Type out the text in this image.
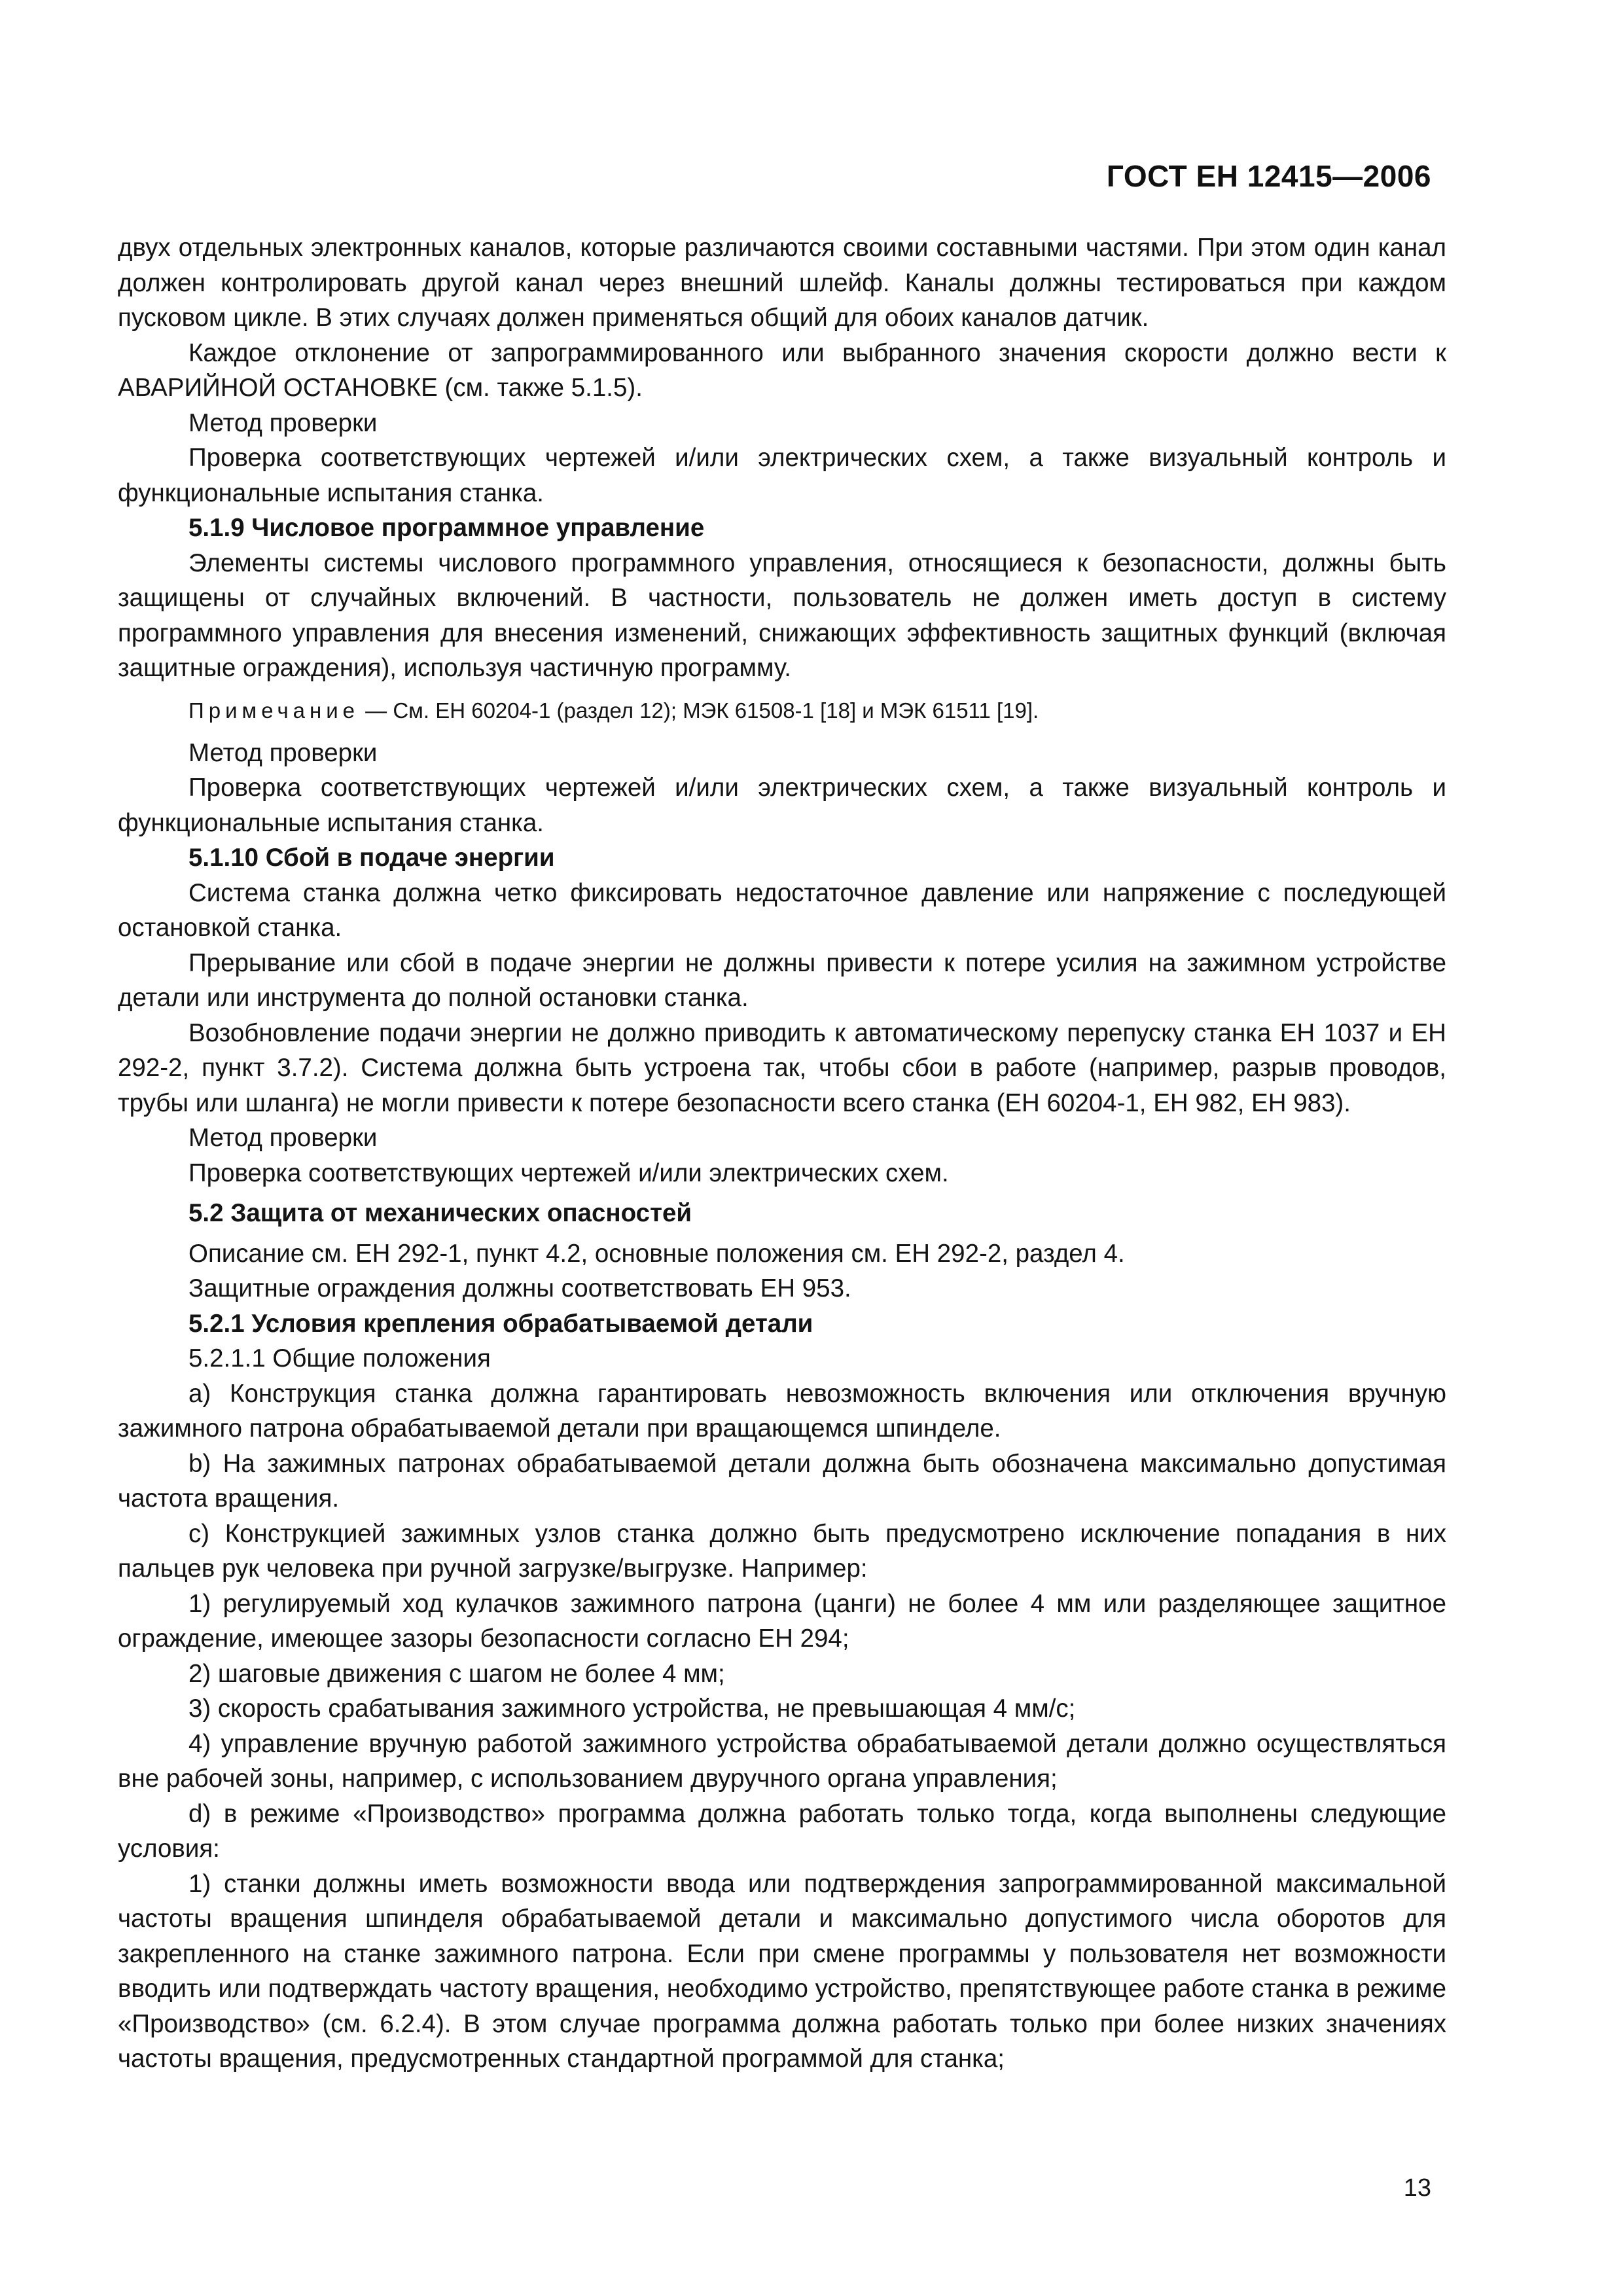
ГОСТ ЕН 12415—2006

двух отдельных электронных каналов, которые различаются своими составными частями. При этом один канал должен контролировать другой канал через внешний шлейф. Каналы должны тестироваться при каждом пусковом цикле. В этих случаях должен применяться общий для обоих каналов датчик.

Каждое отклонение от запрограммированного или выбранного значения скорости должно вести к АВАРИЙНОЙ ОСТАНОВКЕ (см. также 5.1.5).

Метод проверки

Проверка соответствующих чертежей и/или электрических схем, а также визуальный контроль и функциональные испытания станка.

5.1.9 Числовое программное управление

Элементы системы числового программного управления, относящиеся к безопасности, должны быть защищены от случайных включений. В частности, пользователь не должен иметь доступ в систему программного управления для внесения изменений, снижающих эффективность защитных функций (включая защитные ограждения), используя частичную программу.

Примечание — См. ЕН 60204-1 (раздел 12); МЭК 61508-1 [18] и МЭК 61511 [19].

Метод проверки

Проверка соответствующих чертежей и/или электрических схем, а также визуальный контроль и функциональные испытания станка.

5.1.10 Сбой в подаче энергии

Система станка должна четко фиксировать недостаточное давление или напряжение с последующей остановкой станка.

Прерывание или сбой в подаче энергии не должны привести к потере усилия на зажимном устройстве детали или инструмента до полной остановки станка.

Возобновление подачи энергии не должно приводить к автоматическому перепуску станка ЕН 1037 и ЕН 292-2, пункт 3.7.2). Система должна быть устроена так, чтобы сбои в работе (например, разрыв проводов, трубы или шланга) не могли привести к потере безопасности всего станка (ЕН 60204-1, ЕН 982, ЕН 983).

Метод проверки

Проверка соответствующих чертежей и/или электрических схем.

5.2 Защита от механических опасностей

Описание см. ЕН 292-1, пункт 4.2, основные положения см. ЕН 292-2, раздел 4.

Защитные ограждения должны соответствовать ЕН 953.

5.2.1 Условия крепления обрабатываемой детали

5.2.1.1 Общие положения

a) Конструкция станка должна гарантировать невозможность включения или отключения вручную зажимного патрона обрабатываемой детали при вращающемся шпинделе.

b) На зажимных патронах обрабатываемой детали должна быть обозначена максимально допустимая частота вращения.

c) Конструкцией зажимных узлов станка должно быть предусмотрено исключение попадания в них пальцев рук человека при ручной загрузке/выгрузке. Например:

1) регулируемый ход кулачков зажимного патрона (цанги) не более 4 мм или разделяющее защитное ограждение, имеющее зазоры безопасности согласно ЕН 294;

2) шаговые движения с шагом не более 4 мм;

3) скорость срабатывания зажимного устройства, не превышающая 4 мм/с;

4) управление вручную работой зажимного устройства обрабатываемой детали должно осуществляться вне рабочей зоны, например, с использованием двуручного органа управления;

d) в режиме «Производство» программа должна работать только тогда, когда выполнены следующие условия:

1) станки должны иметь возможности ввода или подтверждения запрограммированной максимальной частоты вращения шпинделя обрабатываемой детали и максимально допустимого числа оборотов для закрепленного на станке зажимного патрона. Если при смене программы у пользователя нет возможности вводить или подтверждать частоту вращения, необходимо устройство, препятствующее работе станка в режиме «Производство» (см. 6.2.4). В этом случае программа должна работать только при более низких значениях частоты вращения, предусмотренных стандартной программой для станка;

13
